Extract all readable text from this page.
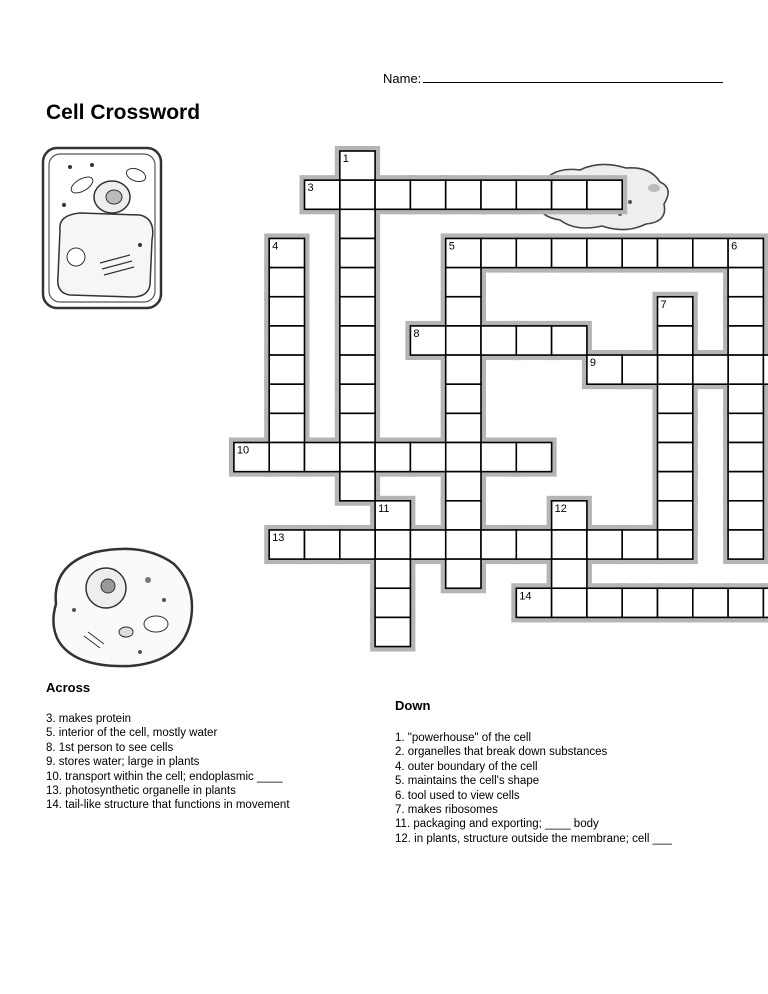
Name:
Cell Crossword
1
3
4	5	6
7
8
9
10
11	12
13
14
Across
3. makes protein
5. interior of the cell, mostly water
8. 1st person to see cells
9. stores water; large in plants
10. transport within the cell; endoplasmic ____
13. photosynthetic organelle in plants
14. tail-like structure that functions in movement
Down
1. "powerhouse" of the cell
2. organelles that break down substances
4. outer boundary of the cell
5. maintains the cell's shape
6. tool used to view cells
7. makes ribosomes
11. packaging and exporting; ____ body
12. in plants, structure outside the membrane; cell ___
